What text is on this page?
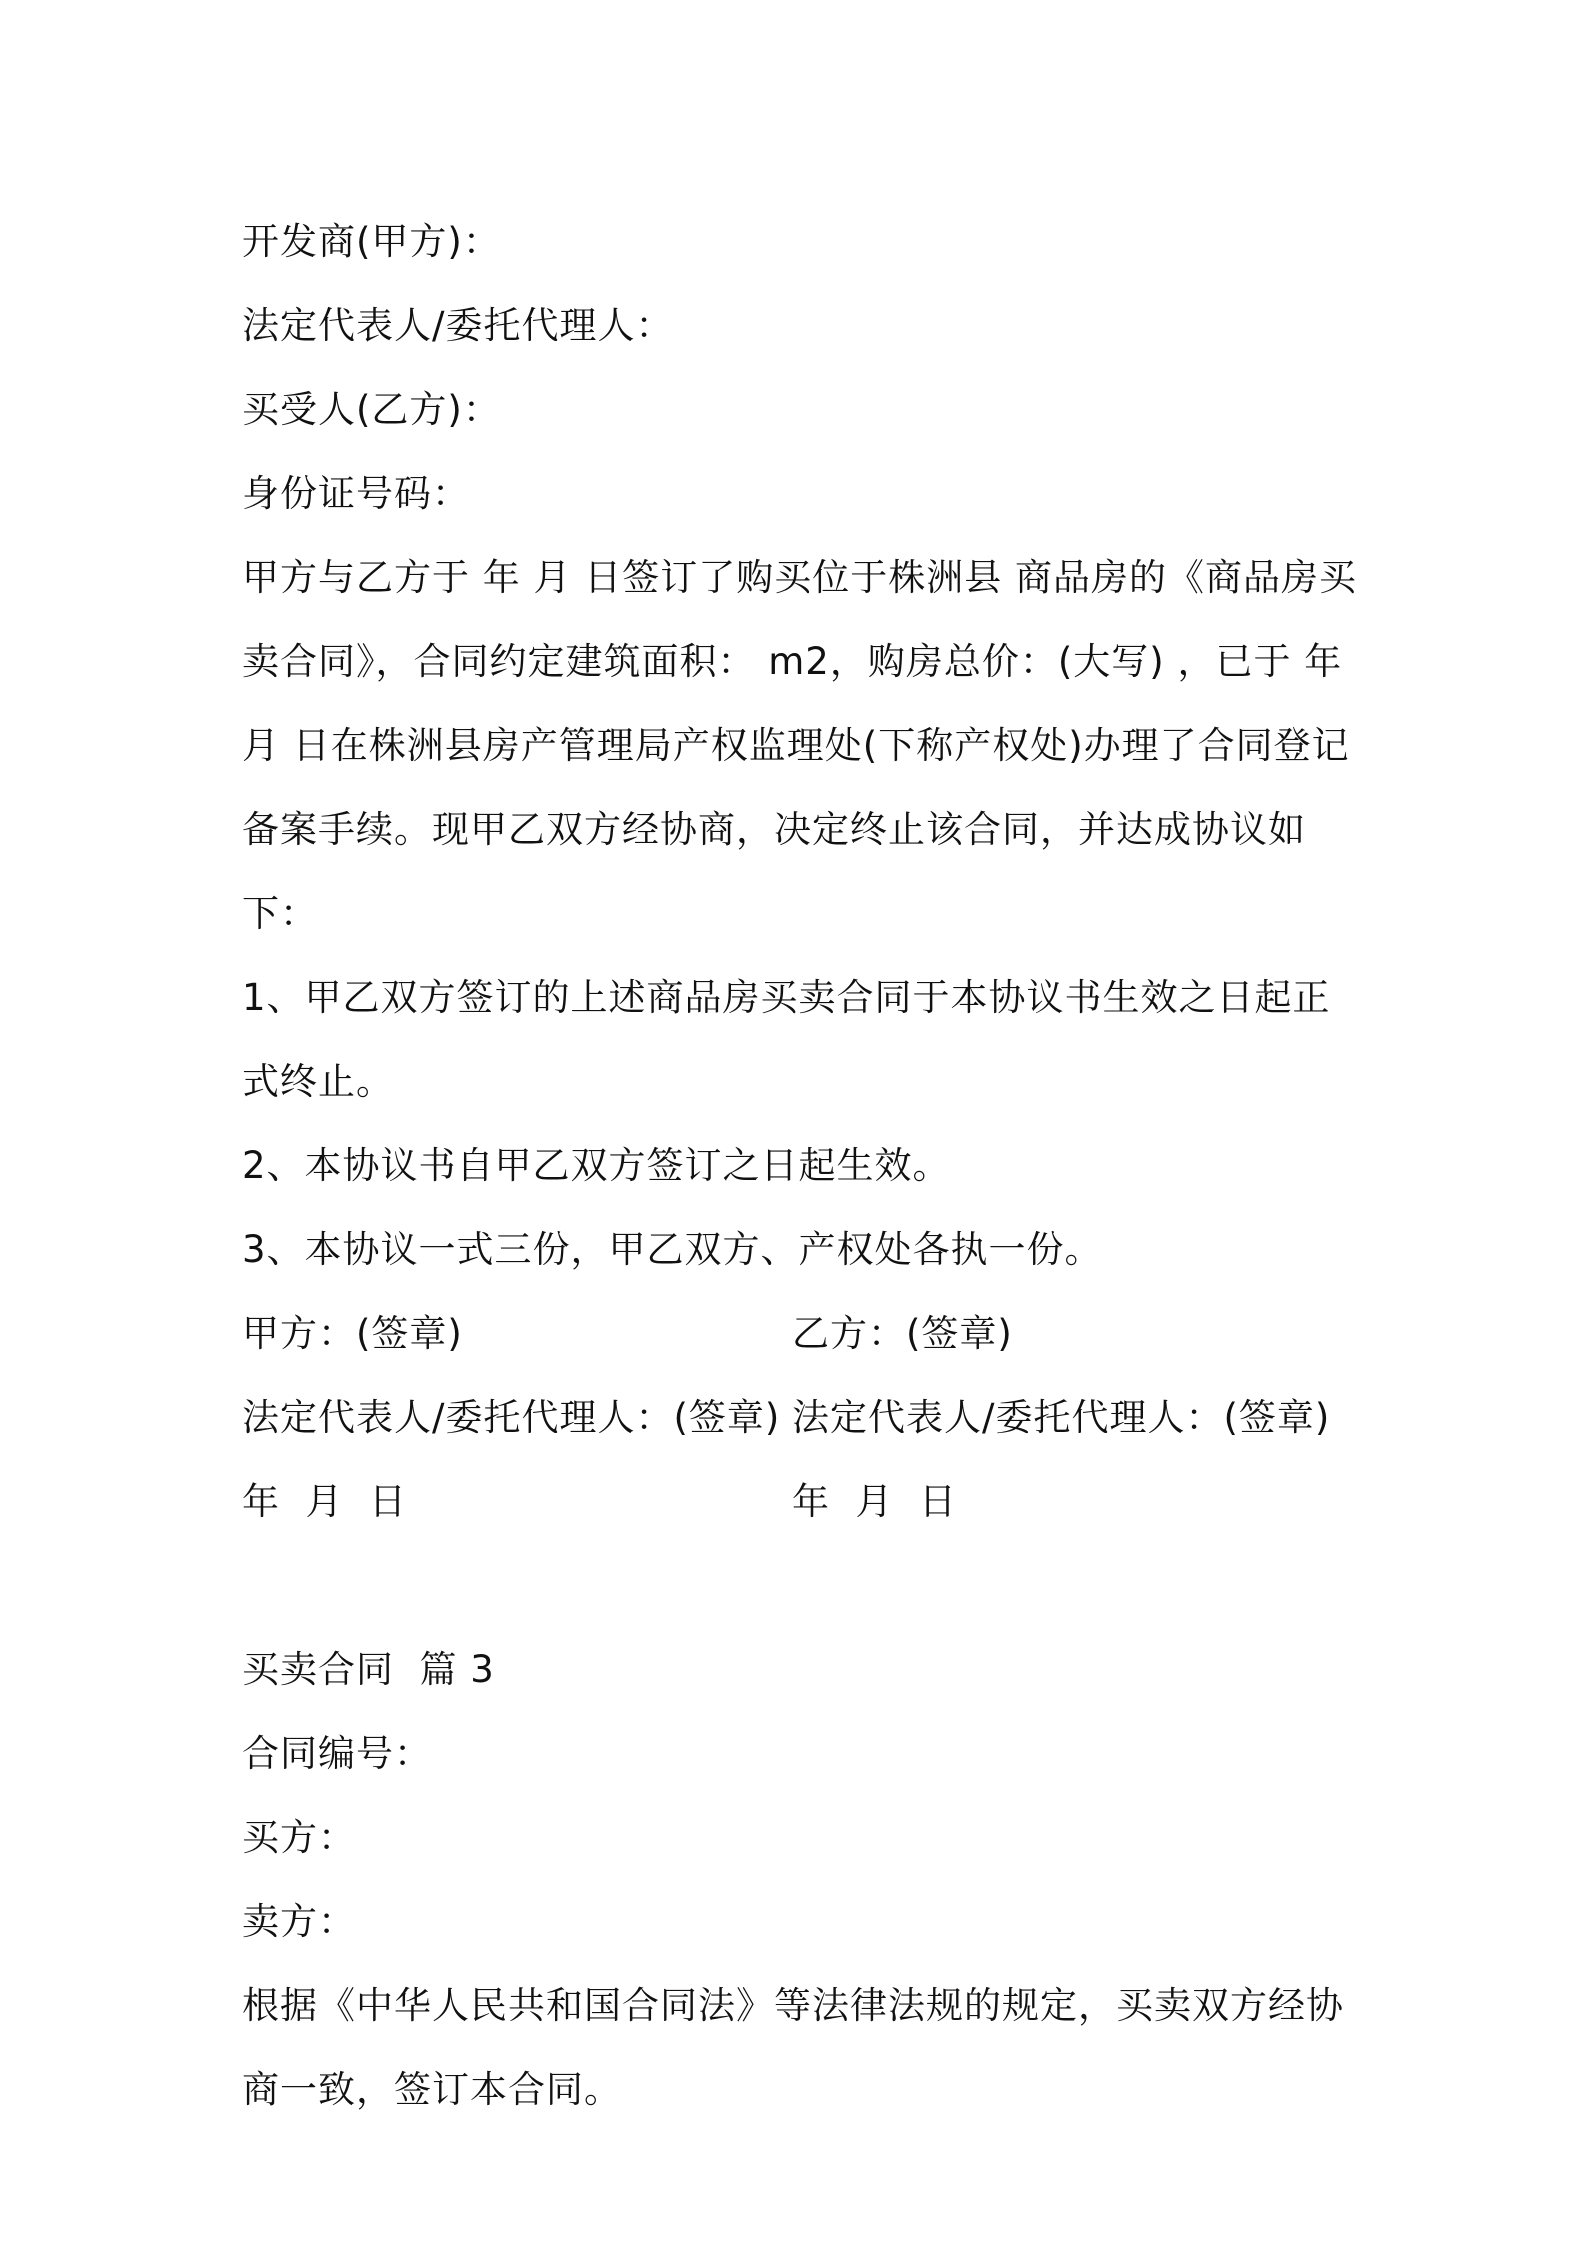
开发商(甲方)：
法定代表人/委托代理人：
买受人(乙方)：
身份证号码：
甲方与乙方于 年 月 日签订了购买位于株洲县 商品房的《商品房买卖合同》，合同约定建筑面积： m2，购房总价：(大写) ，已于 年 月 日在株洲县房产管理局产权监理处(下称产权处)办理了合同登记备案手续。现甲乙双方经协商，决定终止该合同，并达成协议如下：
1、甲乙双方签订的上述商品房买卖合同于本协议书生效之日起正式终止。
2、本协议书自甲乙双方签订之日起生效。
3、本协议一式三份，甲乙双方、产权处各执一份。
甲方：(签章)	乙方：(签章)
法定代表人/委托代理人：(签章) 法定代表人/委托代理人：(签章)
年  月  日	年  月  日
买卖合同  篇 3
合同编号：
买方：
卖方：
根据《中华人民共和国合同法》等法律法规的规定，买卖双方经协商一致，签订本合同。
